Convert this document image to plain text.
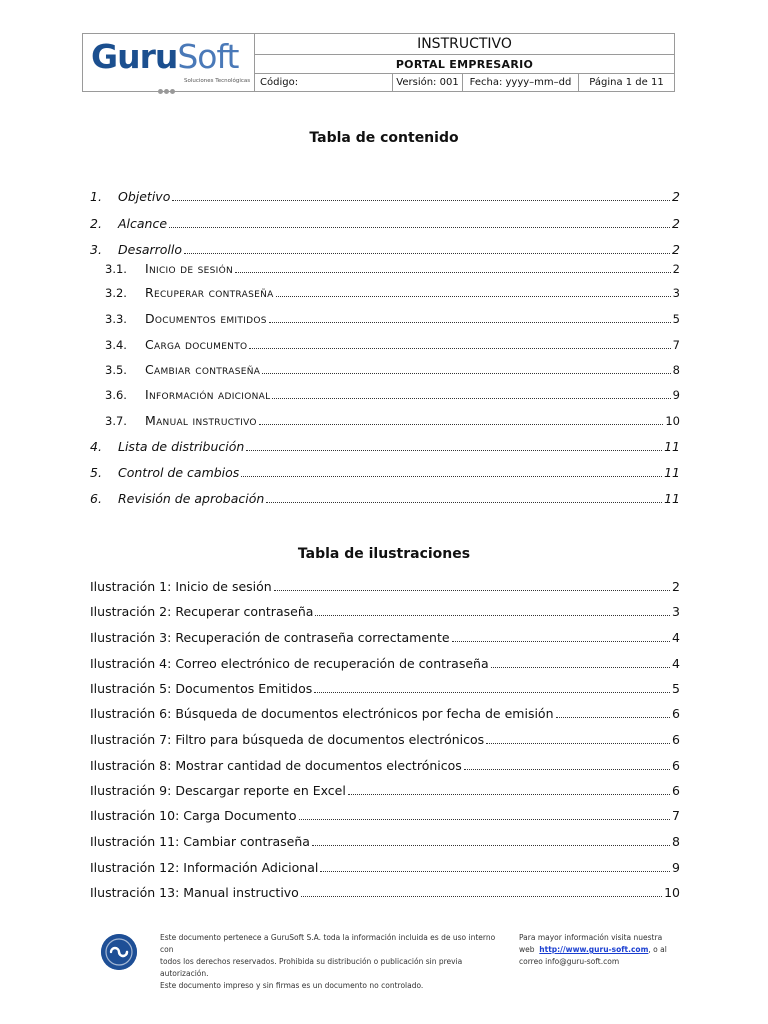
GuruSoft
Soluciones Tecnológicas
INSTRUCTIVO
PORTAL EMPRESARIO
Código:	Versión: 001	Fecha: yyyy–mm–dd	Página 1 de 11
Tabla de contenido
1.	Objetivo	2
2.	Alcance	2
3.	Desarrollo	2
3.1.	Inicio de sesión	2
3.2.	Recuperar contraseña	3
3.3.	Documentos emitidos	5
3.4.	Carga documento	7
3.5.	Cambiar contraseña	8
3.6.	Información adicional	9
3.7.	Manual instructivo	10
4.	Lista de distribución	11
5.	Control de cambios	11
6.	Revisión de aprobación	11
Tabla de ilustraciones
Ilustración 1: Inicio de sesión	2
Ilustración 2: Recuperar contraseña	3
Ilustración 3: Recuperación de contraseña correctamente	4
Ilustración 4: Correo electrónico de recuperación de contraseña	4
Ilustración 5: Documentos Emitidos	5
Ilustración 6: Búsqueda de documentos electrónicos por fecha de emisión	6
Ilustración 7: Filtro para búsqueda de documentos electrónicos	6
Ilustración 8: Mostrar cantidad de documentos electrónicos	6
Ilustración 9: Descargar reporte en Excel	6
Ilustración 10: Carga Documento	7
Ilustración 11: Cambiar contraseña	8
Ilustración 12: Información Adicional	9
Ilustración 13: Manual instructivo	10
Este documento pertenece a GuruSoft S.A. toda la información incluida es de uso interno con
todos los derechos reservados. Prohibida su distribución o publicación sin previa autorización.
Este documento impreso y sin firmas es un documento no controlado.
Para mayor información visita nuestra
web http://www.guru-soft.com, o al
correo info@guru-soft.com
